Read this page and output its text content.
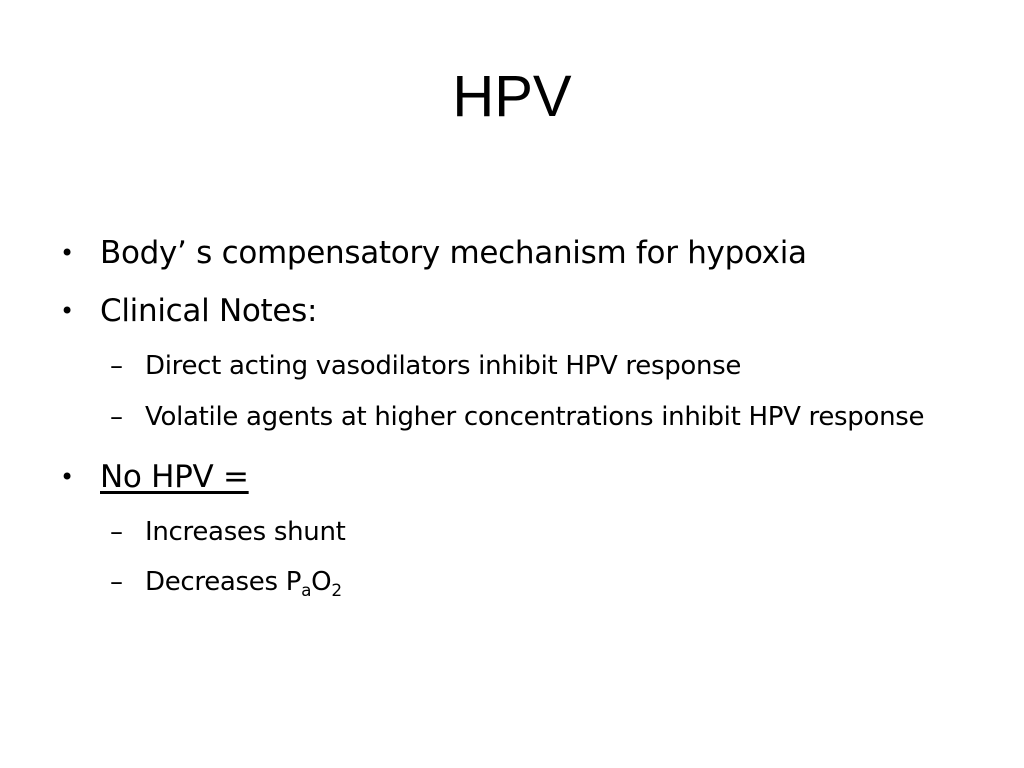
HPV
• Body’ s compensatory mechanism for hypoxia
• Clinical Notes:
– Direct acting vasodilators inhibit HPV response
– Volatile agents at higher concentrations inhibit HPV response
• No HPV =
– Increases shunt
– Decreases $P_aO_2$
